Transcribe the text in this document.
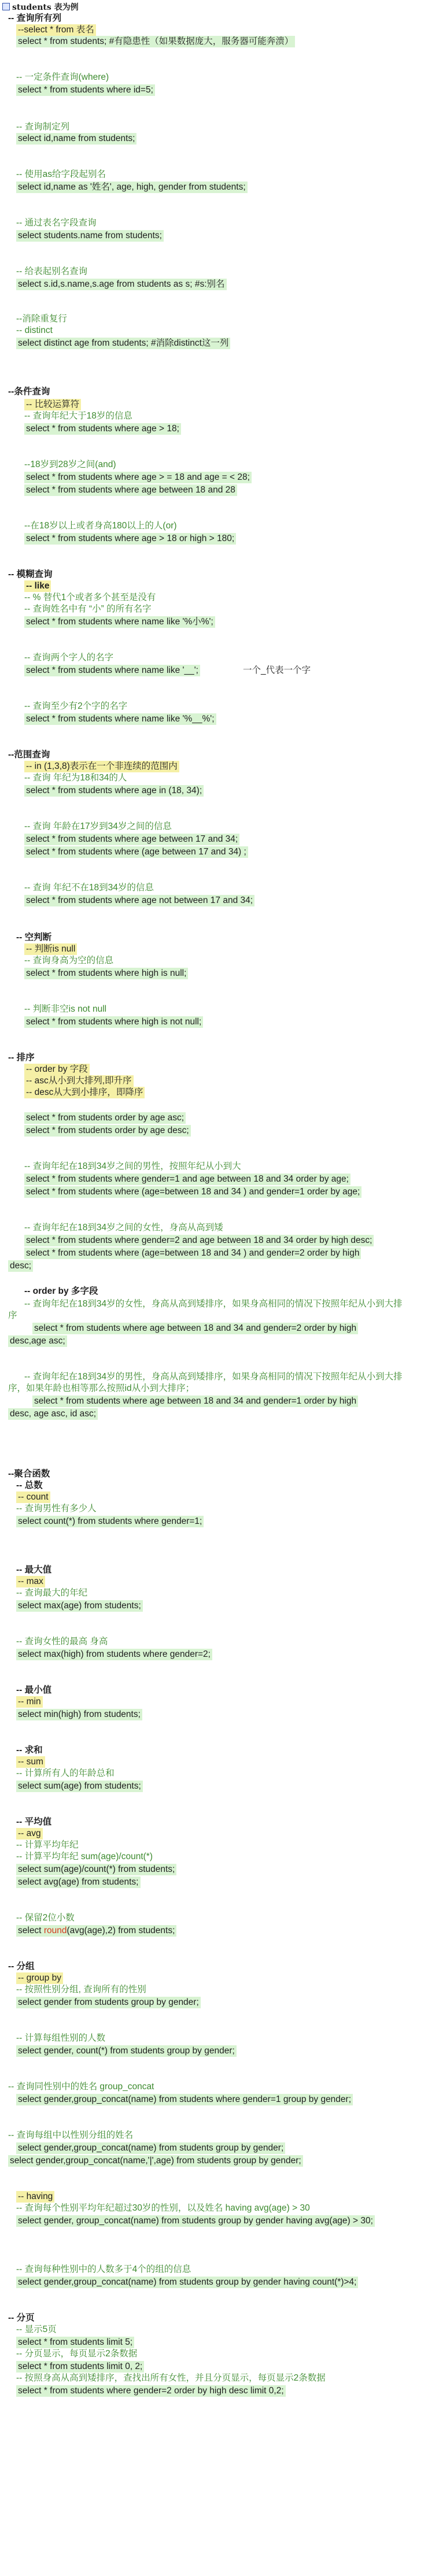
students 表为例
-- 查询所有列
--select * from 表名
select * from students; #有隐患性（如果数据庞大，服务器可能奔溃）
-- 一定条件查询(where)
select * from students where id=5;
-- 查询制定列
select id,name from students;
-- 使用as给字段起别名
select id,name as '姓名', age, high, gender from students;
-- 通过表名字段查询
select students.name from students;
-- 给表起别名查询
select s.id,s.name,s.age from students as s; #s:别名
--消除重复行
-- distinct
select distinct age from students; #消除distinct这一列
--条件查询
-- 比较运算符
-- 查询年纪大于18岁的信息
select * from students where age > 18;
--18岁到28岁之间(and)
select * from students where age > = 18 and age = < 28;
select * from students where age between 18 and 28
--在18岁以上或者身高180以上的人(or)
select * from students where age > 18 or high > 180;
-- 模糊查询
-- like
-- % 替代1个或者多个甚至是没有
-- 查询姓名中有 “小” 的所有名字
select * from students where name like '%小%';
-- 查询两个字人的名字
select * from students where name like '__';	一个_代表一个字
-- 查询至少有2个字的名字
select * from students where name like '%__%';
--范围查询
-- in (1,3,8)表示在一个非连续的范围内
-- 查询 年纪为18和34的人
select * from students where age in (18, 34);
-- 查询 年龄在17岁到34岁之间的信息
select * from students where age between 17 and 34;
select * from students where (age between 17 and 34) ;
-- 查询 年纪不在18到34岁的信息
select * from students where age not between 17 and 34;
-- 空判断
-- 判断is null
-- 查询身高为空的信息
select * from students where high is null;
-- 判断非空is not null
select * from students where high is not null;
-- 排序
-- order by 字段
-- asc从小到大排列,即升序
-- desc从大到小排序，即降序
select * from students order by age asc;
select * from students order by age desc;
-- 查询年纪在18到34岁之间的男性，按照年纪从小到大
select * from students where gender=1 and age between 18 and 34 order by age;
select * from students where (age=between 18 and 34 ) and gender=1 order by age;
-- 查询年纪在18到34岁之间的女性，身高从高到矮
select * from students where gender=2 and age between 18 and 34 order by high desc;
select * from students where (age=between 18 and 34 ) and gender=2 order by high
desc;
-- order by 多字段
-- 查询年纪在18到34岁的女性，身高从高到矮排序，如果身高相同的情况下按照年纪从小到大排
序
select * from students where age between 18 and 34 and gender=2 order by high
desc,age asc;
-- 查询年纪在18到34岁的男性，身高从高到矮排序，如果身高相同的情况下按照年纪从小到大排
序，如果年龄也相等那么按照id从小到大排序；
select * from students where age between 18 and 34 and gender=1 order by high
desc, age asc, id asc;
--聚合函数
-- 总数
-- count
-- 查询男性有多少人
select count(*) from students where gender=1;
-- 最大值
-- max
-- 查询最大的年纪
select max(age) from students;
-- 查询女性的最高 身高
select max(high) from students where gender=2;
-- 最小值
-- min
select min(high) from students;
-- 求和
-- sum
-- 计算所有人的年龄总和
select sum(age) from students;
-- 平均值
-- avg
-- 计算平均年纪
-- 计算平均年纪 sum(age)/count(*)
select sum(age)/count(*) from students;
select avg(age) from students;
-- 保留2位小数
select round(avg(age),2) from students;
-- 分组
-- group by
-- 按照性别分组, 查询所有的性别
select gender from students group by gender;
-- 计算每组性别的人数
select gender, count(*) from students group by gender;
-- 查询同性别中的姓名 group_concat
select gender,group_concat(name) from students where gender=1 group by gender;
-- 查询每组中以性别分组的姓名
select gender,group_concat(name) from students group by gender;
select gender,group_concat(name,'|',age) from students group by gender;
-- having
-- 查询每个性别平均年纪超过30岁的性别，以及姓名 having avg(age) > 30
select gender, group_concat(name) from students group by gender having avg(age) > 30;
-- 查询每种性别中的人数多于4个的组的信息
select gender,group_concat(name) from students group by gender having count(*)>4;
-- 分页
-- 显示5页
select * from students limit 5;
-- 分页显示，每页显示2条数据
select * from students limit 0, 2;
-- 按照身高从高到矮排序，查找出所有女性，并且分页显示，每页显示2条数据
select * from students where gender=2 order by high desc limit 0,2;
